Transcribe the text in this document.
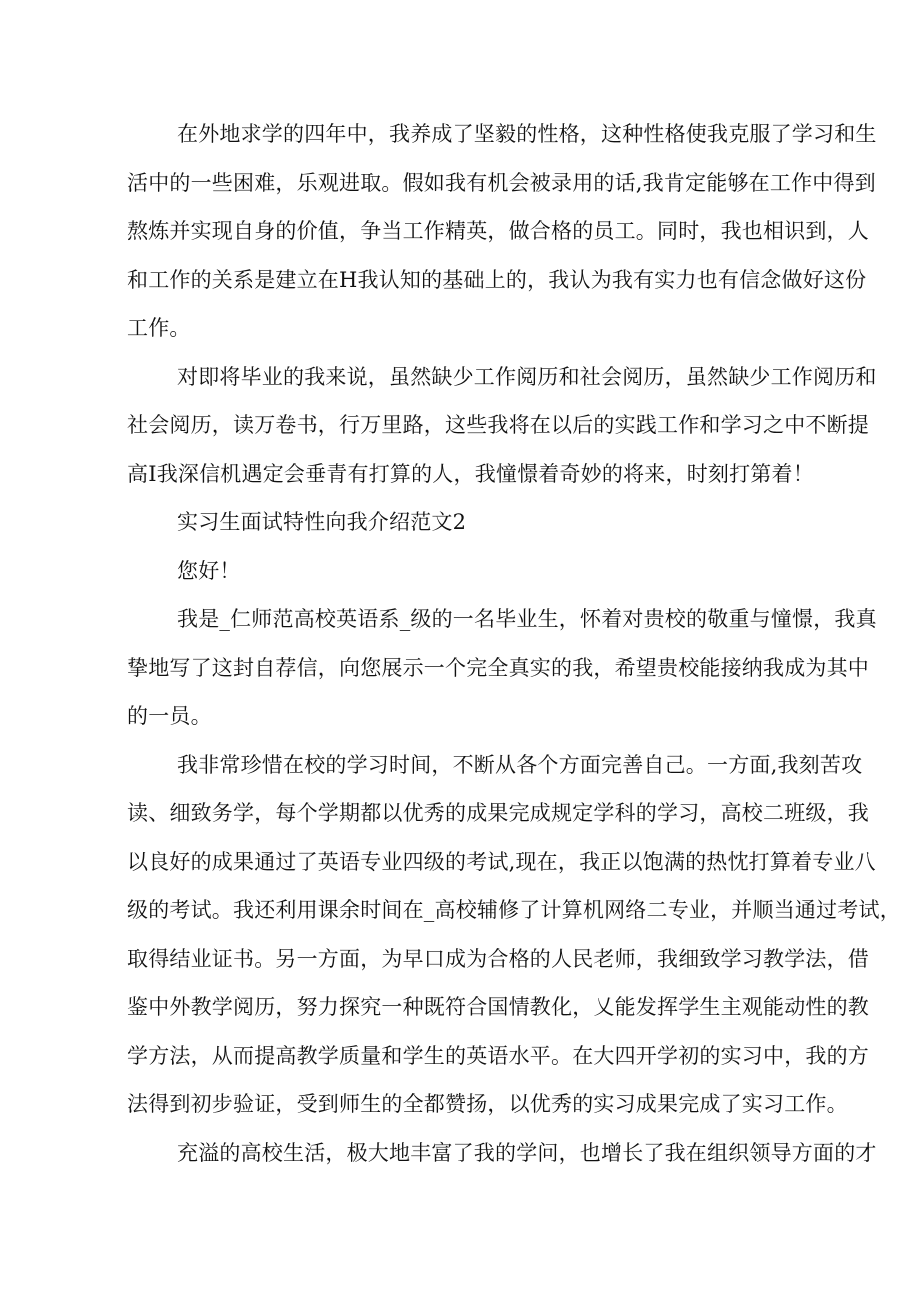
在外地求学的四年中，我养成了坚毅的性格，这种性格使我克服了学习和生
活中的一些困难，乐观进取。假如我有机会被录用的话,我肯定能够在工作中得到
熬炼并实现自身的价值，争当工作精英，做合格的员工。同时，我也相识到，人
和工作的关系是建立在H我认知的基础上的，我认为我有实力也有信念做好这份
工作。
对即将毕业的我来说，虽然缺少工作阅历和社会阅历，虽然缺少工作阅历和
社会阅历，读万卷书，行万里路，这些我将在以后的实践工作和学习之中不断提
高I我深信机遇定会垂青有打算的人，我憧憬着奇妙的将来，时刻打第着！
实习生面试特性向我介绍范文2
您好！
我是_仁师范高校英语系_级的一名毕业生，怀着对贵校的敬重与憧憬，我真
挚地写了这封自荐信，向您展示一个完全真实的我，希望贵校能接纳我成为其中
的一员。
我非常珍惜在校的学习时间，不断从各个方面完善自己。一方面,我刻苦攻
读、细致务学，每个学期都以优秀的成果完成规定学科的学习，高校二班级，我
以良好的成果通过了英语专业四级的考试,现在，我正以饱满的热忱打算着专业八
级的考试。我还利用课余时间在_高校辅修了计算机网络二专业，并顺当通过考试，
取得结业证书。另一方面，为早口成为合格的人民老师，我细致学习教学法，借
鉴中外教学阅历，努力探究一种既符合国情教化，乂能发挥学生主观能动性的教
学方法，从而提高教学质量和学生的英语水平。在大四开学初的实习中，我的方
法得到初步验证，受到师生的全都赞扬，以优秀的实习成果完成了实习工作。
充溢的高校生活，极大地丰富了我的学问，也增长了我在组织领导方面的才
